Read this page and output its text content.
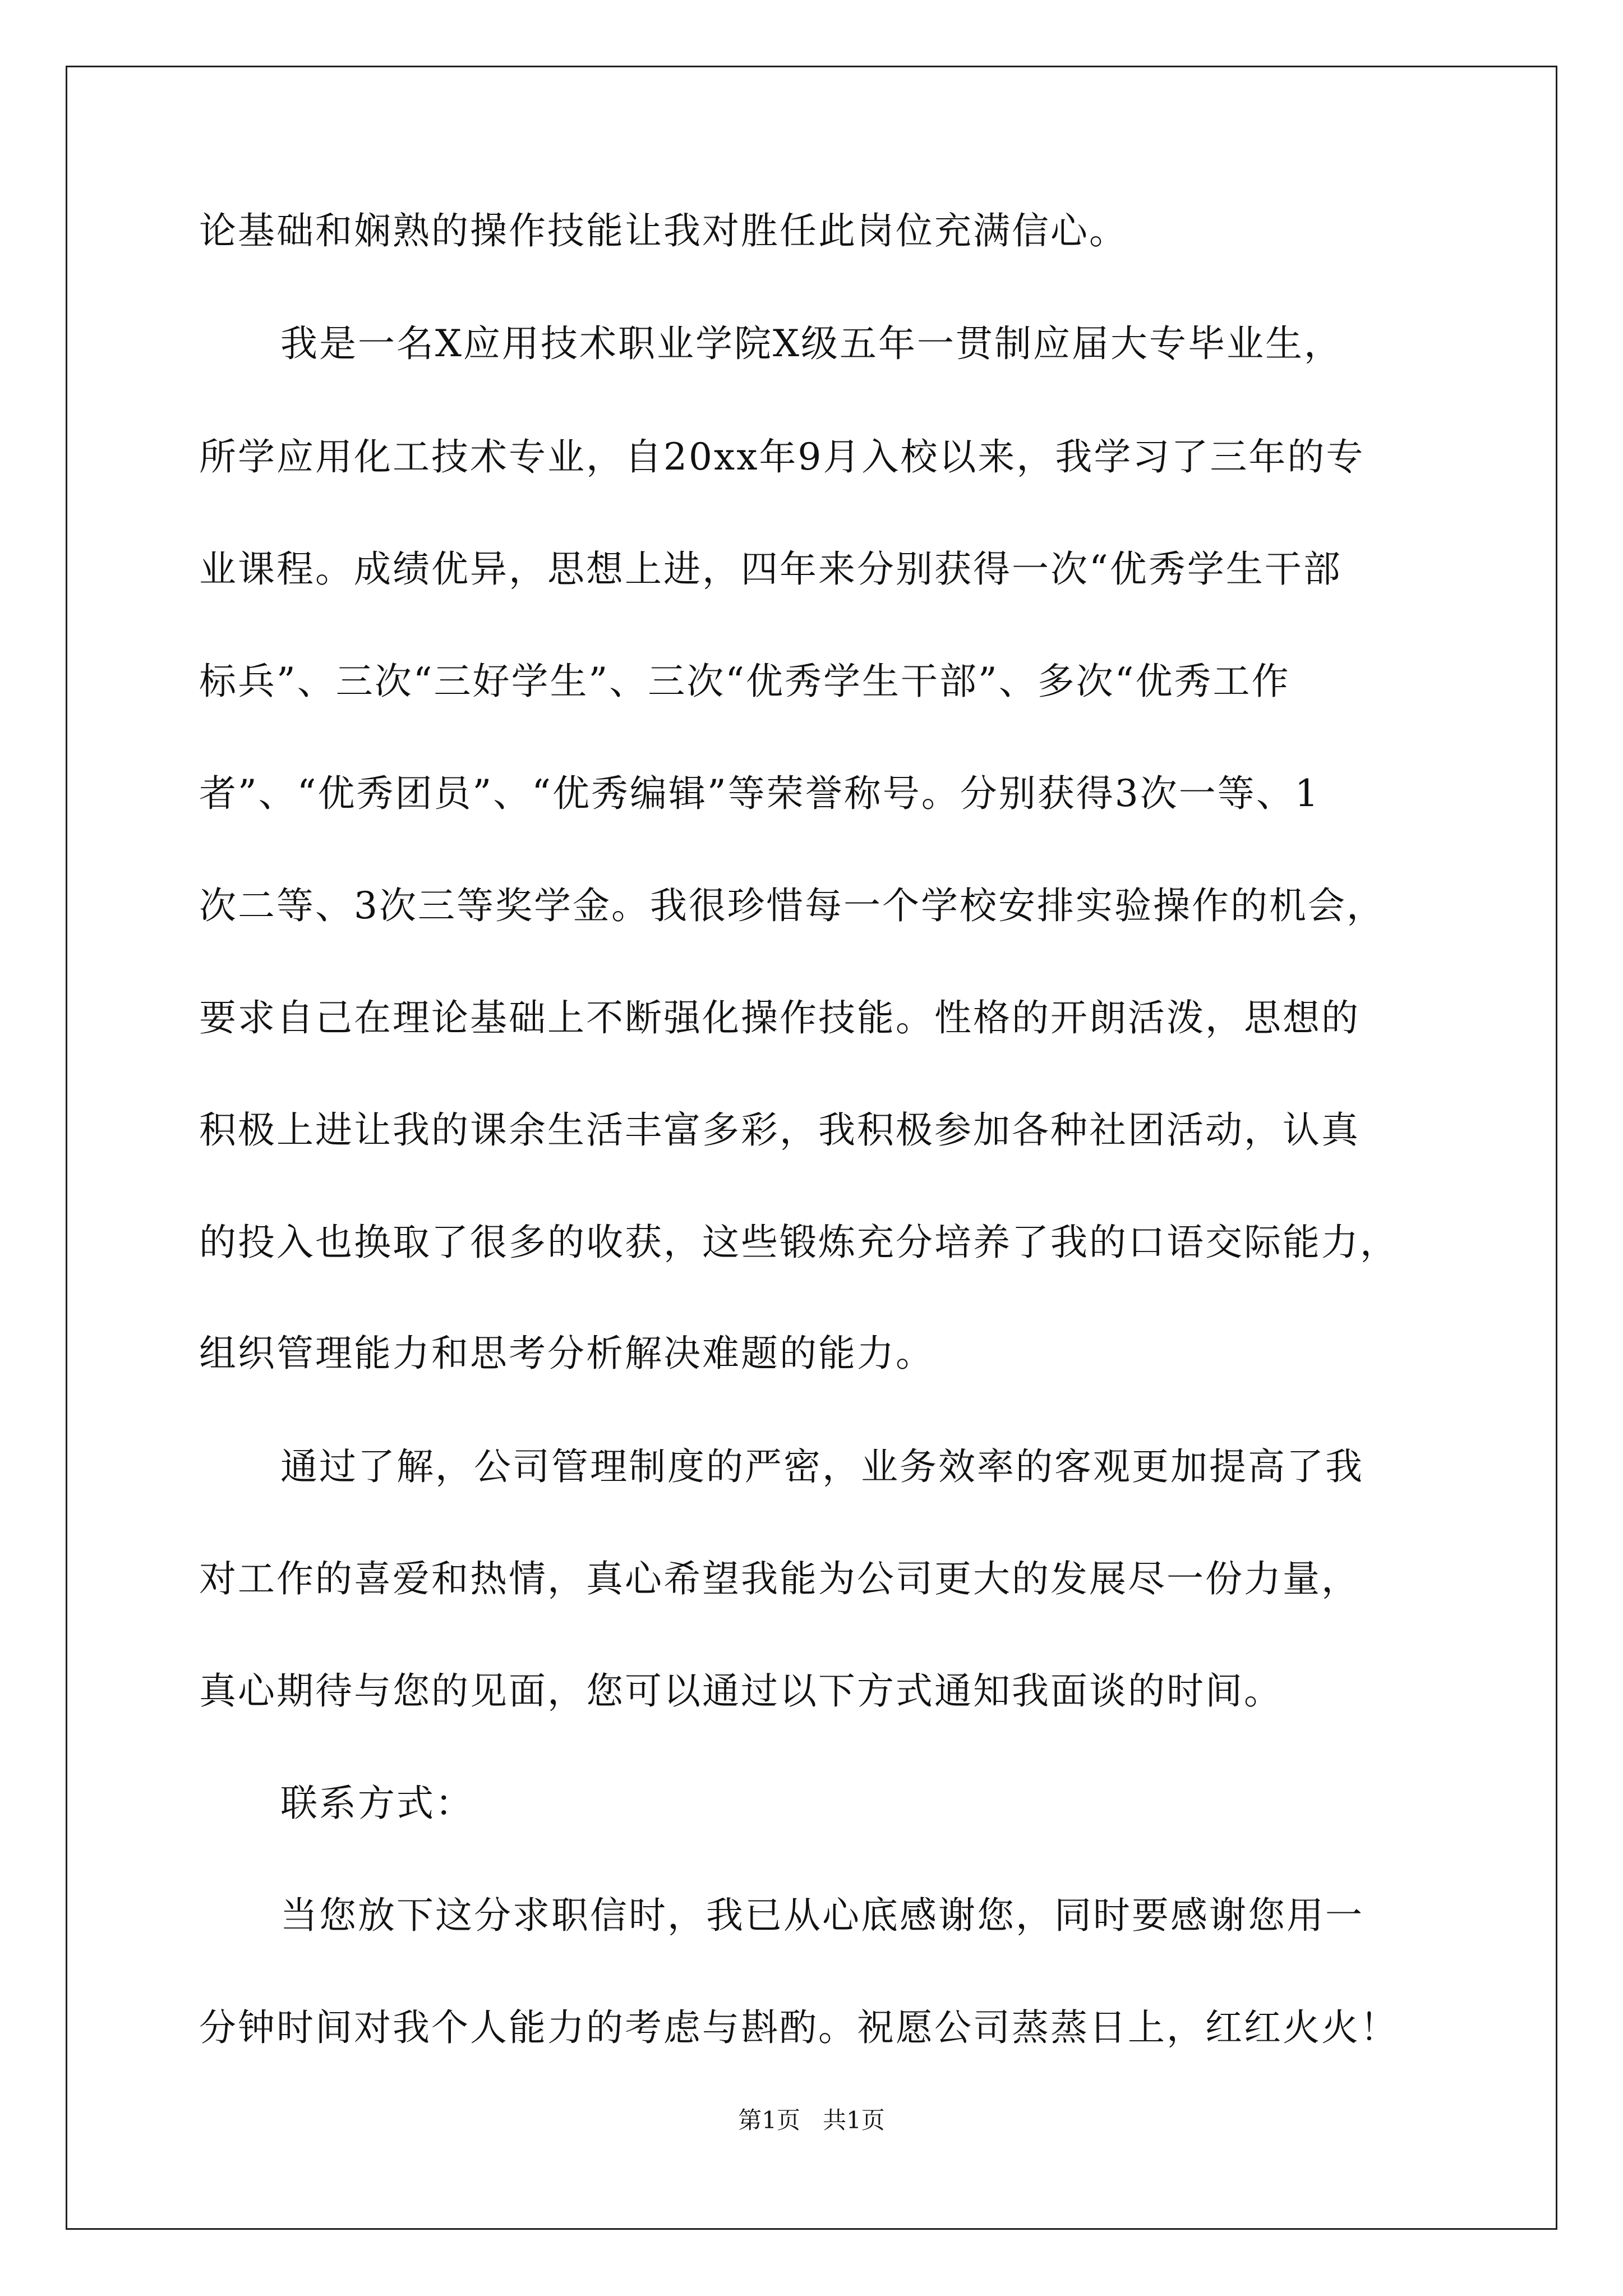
论基础和娴熟的操作技能让我对胜任此岗位充满信心。
我是一名X应用技术职业学院X级五年一贯制应届大专毕业生，
所学应用化工技术专业，自20xx年9月入校以来，我学习了三年的专
业课程。成绩优异，思想上进，四年来分别获得一次“优秀学生干部
标兵”、三次“三好学生”、三次“优秀学生干部”、多次“优秀工作
者”、“优秀团员”、“优秀编辑”等荣誉称号。分别获得3次一等、1
次二等、3次三等奖学金。我很珍惜每一个学校安排实验操作的机会，
要求自己在理论基础上不断强化操作技能。性格的开朗活泼，思想的
积极上进让我的课余生活丰富多彩，我积极参加各种社团活动，认真
的投入也换取了很多的收获，这些锻炼充分培养了我的口语交际能力，
组织管理能力和思考分析解决难题的能力。
通过了解，公司管理制度的严密，业务效率的客观更加提高了我
对工作的喜爱和热情，真心希望我能为公司更大的发展尽一份力量，
真心期待与您的见面，您可以通过以下方式通知我面谈的时间。
联系方式：
当您放下这分求职信时，我已从心底感谢您，同时要感谢您用一
分钟时间对我个人能力的考虑与斟酌。祝愿公司蒸蒸日上，红红火火！
第1页   共1页
